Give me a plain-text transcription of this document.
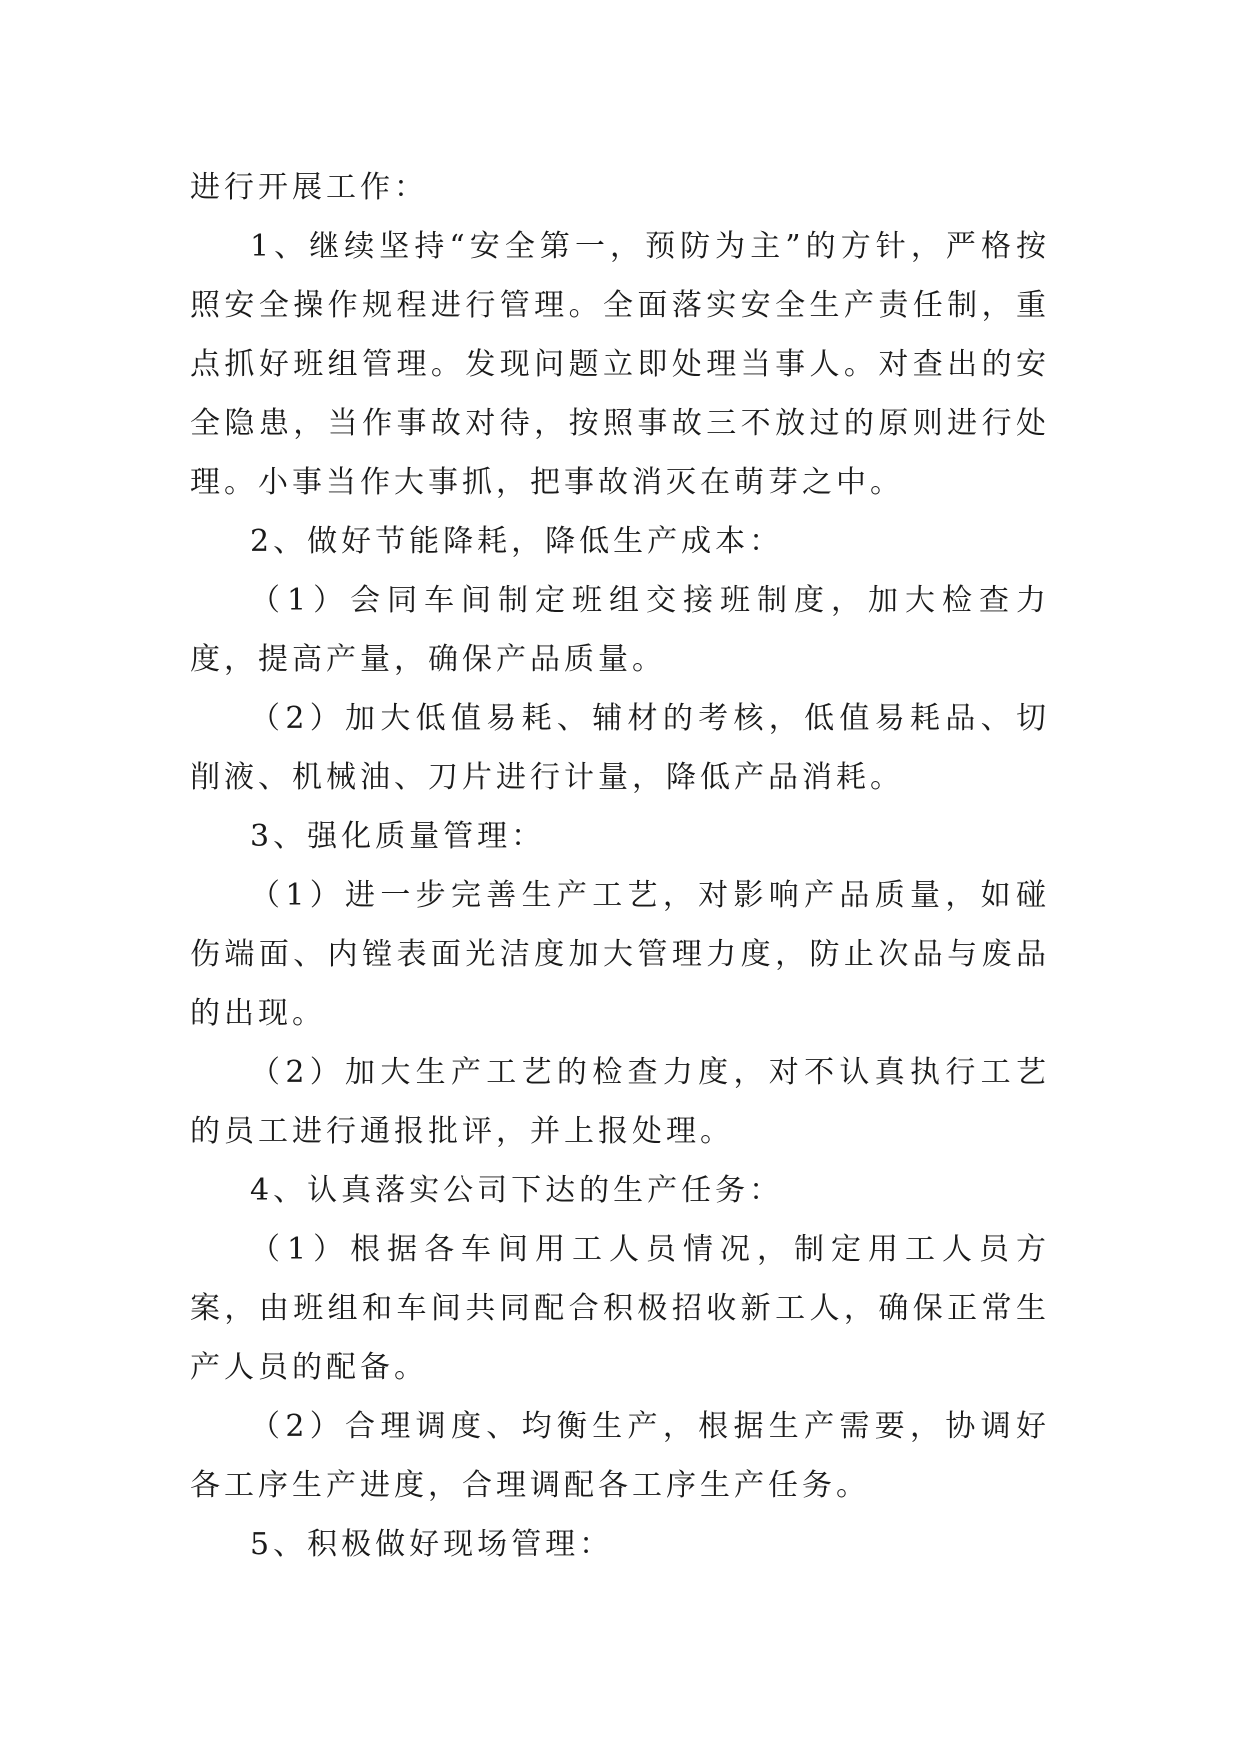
进行开展工作：

1、继续坚持“安全第一，预防为主”的方针，严格按照安全操作规程进行管理。全面落实安全生产责任制，重点抓好班组管理。发现问题立即处理当事人。对查出的安全隐患，当作事故对待，按照事故三不放过的原则进行处理。小事当作大事抓，把事故消灭在萌芽之中。

2、做好节能降耗，降低生产成本：

（1）会同车间制定班组交接班制度，加大检查力度，提高产量，确保产品质量。

（2）加大低值易耗、辅材的考核，低值易耗品、切削液、机械油、刀片进行计量，降低产品消耗。

3、强化质量管理：

（1）进一步完善生产工艺，对影响产品质量，如碰伤端面、内镗表面光洁度加大管理力度，防止次品与废品的出现。

（2）加大生产工艺的检查力度，对不认真执行工艺的员工进行通报批评，并上报处理。

4、认真落实公司下达的生产任务：

（1）根据各车间用工人员情况，制定用工人员方案，由班组和车间共同配合积极招收新工人，确保正常生产人员的配备。

（2）合理调度、均衡生产，根据生产需要，协调好各工序生产进度，合理调配各工序生产任务。

5、积极做好现场管理：
